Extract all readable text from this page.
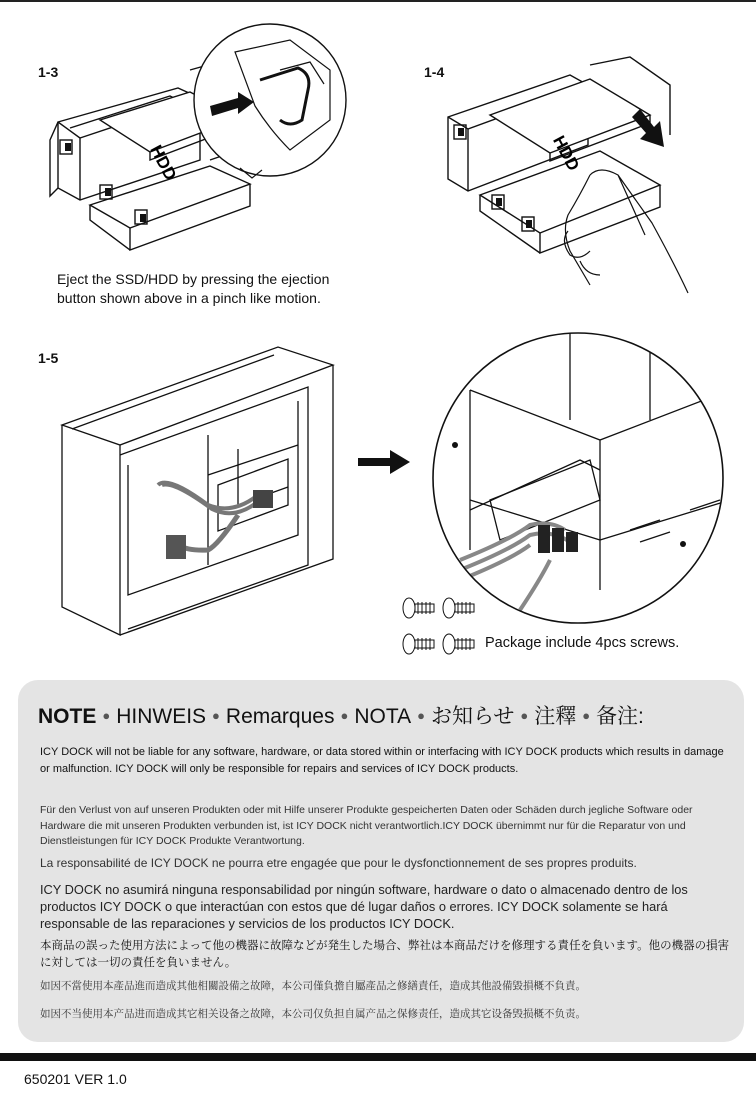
1-3	1-4
1-5
HDD	HDD
Eject the SSD/HDD by pressing the ejection
button shown above in a pinch like motion.
Package include 4pcs screws.
NOTE ● HINWEIS ● Remarques ● NOTA ● お知らせ ● 注釋 ● 备注:
ICY DOCK will not be liable for any software, hardware, or data stored within or interfacing with ICY DOCK products which results in damage or malfunction. ICY DOCK will only be responsible for repairs and services of ICY DOCK products.
Für den Verlust von auf unseren Produkten oder mit Hilfe unserer Produkte gespeicherten Daten oder Schäden durch jegliche Software oder Hardware die mit unseren Produkten verbunden ist, ist ICY DOCK nicht verantwortlich.ICY DOCK übernimmt nur für die Reparatur von und Dienstleistungen für ICY DOCK Produkte Verantwortung.
La responsabilité de ICY DOCK ne pourra etre engagée que pour le dysfonctionnement de ses propres produits.
ICY DOCK no asumirá ninguna responsabilidad por ningún software, hardware o dato o almacenado dentro de los productos ICY DOCK o que interactúan con estos que dé lugar daños o errores. ICY DOCK solamente se hará responsable de las reparaciones y servicios de los productos ICY DOCK.
本商品の誤った使用方法によって他の機器に故障などが発生した場合、弊社は本商品だけを修理する責任を負います。他の機器の損害に対しては一切の責任を負いません。
如因不當使用本產品進而造成其他相關設備之故障，本公司僅負擔自屬產品之修繕責任，造成其他設備毀損概不負責。
如因不当使用本产品进而造成其它相关设备之故障，本公司仅负担自属产品之保修责任，造成其它设备毁损概不负责。
650201 VER 1.0
